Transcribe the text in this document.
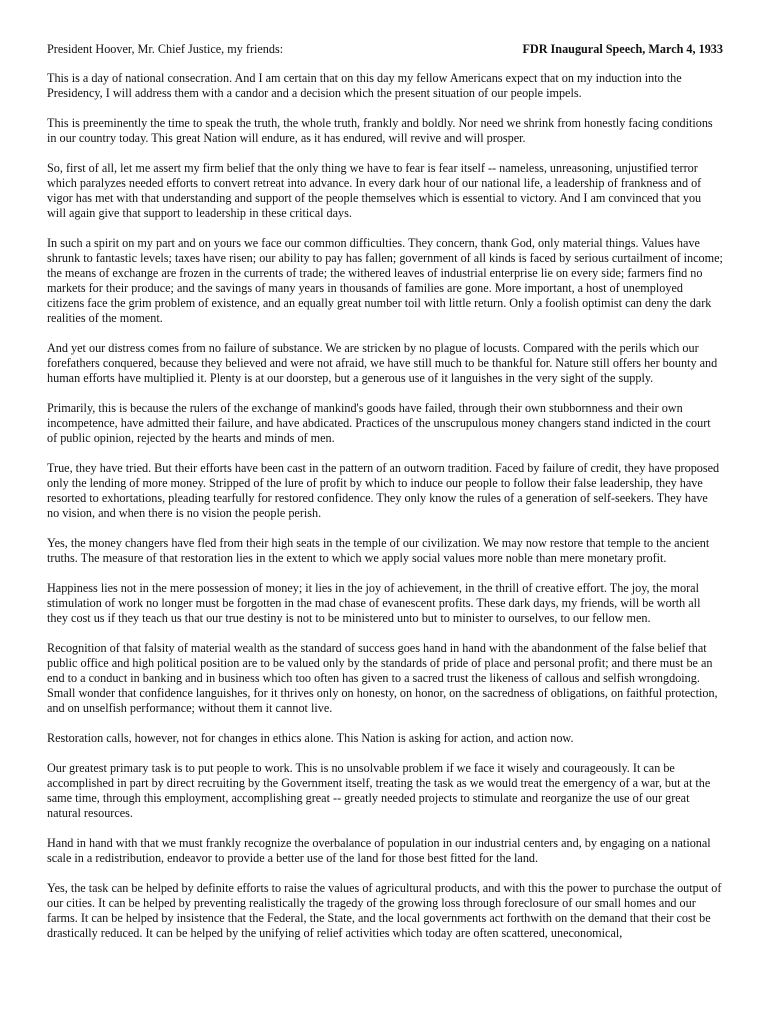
President Hoover, Mr. Chief Justice, my friends:	FDR Inaugural Speech, March 4, 1933

This is a day of national consecration. And I am certain that on this day my fellow Americans expect that on my induction into the Presidency, I will address them with a candor and a decision which the present situation of our people impels.

This is preeminently the time to speak the truth, the whole truth, frankly and boldly. Nor need we shrink from honestly facing conditions in our country today. This great Nation will endure, as it has endured, will revive and will prosper.

So, first of all, let me assert my firm belief that the only thing we have to fear is fear itself -- nameless, unreasoning, unjustified terror which paralyzes needed efforts to convert retreat into advance. In every dark hour of our national life, a leadership of frankness and of vigor has met with that understanding and support of the people themselves which is essential to victory. And I am convinced that you will again give that support to leadership in these critical days.

In such a spirit on my part and on yours we face our common difficulties. They concern, thank God, only material things. Values have shrunk to fantastic levels; taxes have risen; our ability to pay has fallen; government of all kinds is faced by serious curtailment of income; the means of exchange are frozen in the currents of trade; the withered leaves of industrial enterprise lie on every side; farmers find no markets for their produce; and the savings of many years in thousands of families are gone. More important, a host of unemployed citizens face the grim problem of existence, and an equally great number toil with little return. Only a foolish optimist can deny the dark realities of the moment.

And yet our distress comes from no failure of substance. We are stricken by no plague of locusts. Compared with the perils which our forefathers conquered, because they believed and were not afraid, we have still much to be thankful for. Nature still offers her bounty and human efforts have multiplied it. Plenty is at our doorstep, but a generous use of it languishes in the very sight of the supply.

Primarily, this is because the rulers of the exchange of mankind's goods have failed, through their own stubbornness and their own incompetence, have admitted their failure, and have abdicated. Practices of the unscrupulous money changers stand indicted in the court of public opinion, rejected by the hearts and minds of men.

True, they have tried. But their efforts have been cast in the pattern of an outworn tradition. Faced by failure of credit, they have proposed only the lending of more money. Stripped of the lure of profit by which to induce our people to follow their false leadership, they have resorted to exhortations, pleading tearfully for restored confidence. They only know the rules of a generation of self-seekers. They have no vision, and when there is no vision the people perish.

Yes, the money changers have fled from their high seats in the temple of our civilization. We may now restore that temple to the ancient truths. The measure of that restoration lies in the extent to which we apply social values more noble than mere monetary profit.

Happiness lies not in the mere possession of money; it lies in the joy of achievement, in the thrill of creative effort. The joy, the moral stimulation of work no longer must be forgotten in the mad chase of evanescent profits. These dark days, my friends, will be worth all they cost us if they teach us that our true destiny is not to be ministered unto but to minister to ourselves, to our fellow men.

Recognition of that falsity of material wealth as the standard of success goes hand in hand with the abandonment of the false belief that public office and high political position are to be valued only by the standards of pride of place and personal profit; and there must be an end to a conduct in banking and in business which too often has given to a sacred trust the likeness of callous and selfish wrongdoing. Small wonder that confidence languishes, for it thrives only on honesty, on honor, on the sacredness of obligations, on faithful protection, and on unselfish performance; without them it cannot live.

Restoration calls, however, not for changes in ethics alone. This Nation is asking for action, and action now.

Our greatest primary task is to put people to work. This is no unsolvable problem if we face it wisely and courageously. It can be accomplished in part by direct recruiting by the Government itself, treating the task as we would treat the emergency of a war, but at the same time, through this employment, accomplishing great -- greatly needed projects to stimulate and reorganize the use of our great natural resources.

Hand in hand with that we must frankly recognize the overbalance of population in our industrial centers and, by engaging on a national scale in a redistribution, endeavor to provide a better use of the land for those best fitted for the land.

Yes, the task can be helped by definite efforts to raise the values of agricultural products, and with this the power to purchase the output of our cities. It can be helped by preventing realistically the tragedy of the growing loss through foreclosure of our small homes and our farms. It can be helped by insistence that the Federal, the State, and the local governments act forthwith on the demand that their cost be drastically reduced. It can be helped by the unifying of relief activities which today are often scattered, uneconomical,
